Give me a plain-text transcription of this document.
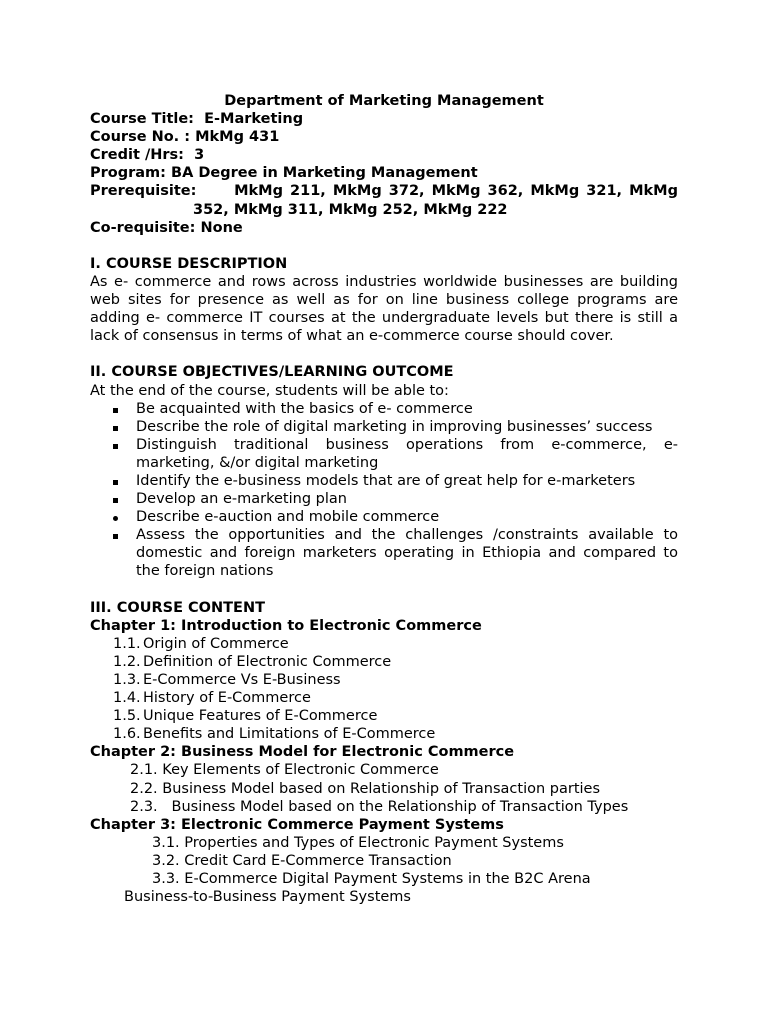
Department of Marketing Management
Course Title: E-Marketing
Course No. : MkMg 431
Credit /Hrs: 3
Program: BA Degree in Marketing Management
Prerequisite:	MkMg 211, MkMg 372, MkMg 362, MkMg 321, MkMg
352, MkMg 311, MkMg 252, MkMg 222
Co-requisite: None
I. COURSE DESCRIPTION
As e- commerce and rows across industries worldwide businesses are building web sites for presence as well as for on line business college programs are adding e- commerce IT courses at the undergraduate levels but there is still a lack of consensus in terms of what an e-commerce course should cover.
II. COURSE OBJECTIVES/LEARNING OUTCOME
At the end of the course, students will be able to:
Be acquainted with the basics of e- commerce
Describe the role of digital marketing in improving businesses’ success
Distinguish traditional business operations from e-commerce, e-marketing, &/or digital marketing
Identify the e-business models that are of great help for e-marketers
Develop an e-marketing plan
Describe e-auction and mobile commerce
Assess the opportunities and the challenges /constraints available to domestic and foreign marketers operating in Ethiopia and compared to the foreign nations
III. COURSE CONTENT
Chapter 1: Introduction to Electronic Commerce
1.1. Origin of Commerce
1.2. Definition of Electronic Commerce
1.3. E-Commerce Vs E-Business
1.4. History of E-Commerce
1.5. Unique Features of E-Commerce
1.6. Benefits and Limitations of E-Commerce
Chapter 2: Business Model for Electronic Commerce
2.1. Key Elements of Electronic Commerce
2.2. Business Model based on Relationship of Transaction parties
2.3.   Business Model based on the Relationship of Transaction Types
Chapter 3: Electronic Commerce Payment Systems
3.1. Properties and Types of Electronic Payment Systems
3.2. Credit Card E-Commerce Transaction
3.3. E-Commerce Digital Payment Systems in the B2C Arena
Business-to-Business Payment Systems
